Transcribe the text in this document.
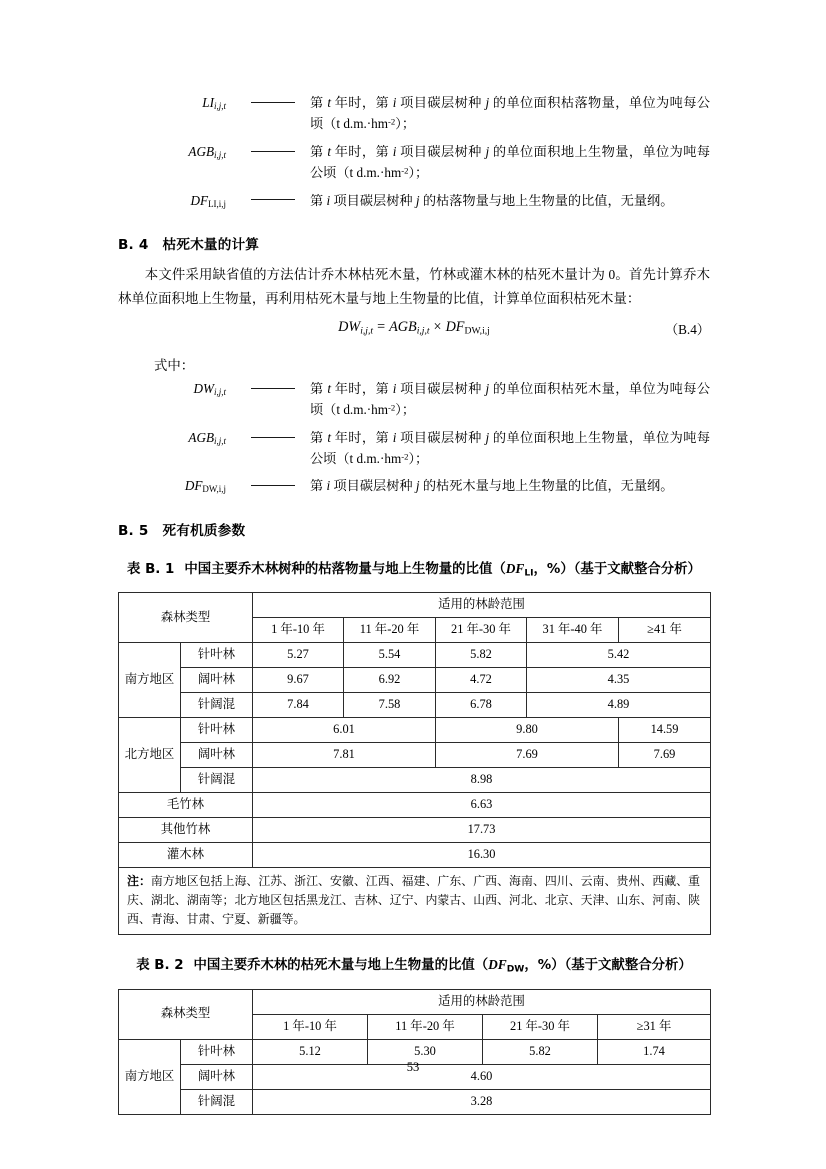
$LI_{i,j,t}$		第 t 年时，第 i 项目碳层树种 j 的单位面积枯落物量，单位为吨每公顷（t $d.m.\cdot hm^{-2}$）；
$AGB_{i,j,t}$		第 t 年时，第 i 项目碳层树种 j 的单位面积地上生物量，单位为吨每公顷（t $d.m.\cdot hm^{-2}$）；
$DF_{LI,i,j}$		第 i 项目碳层树种 j 的枯落物量与地上生物量的比值，无量纲。
B. 4 枯死木量的计算

本文件采用缺省值的方法估计乔木林枯死木量，竹林或灌木林的枯死木量计为 0。首先计算乔木林单位面积地上生物量，再利用枯死木量与地上生物量的比值，计算单位面积枯死木量：

$DW_{i,j,t} = AGB_{i,j,t} \times DF_{DW,i,j}$	（B.4）
式中：
$DW_{i,j,t}$		第 t 年时，第 i 项目碳层树种 j 的单位面积枯死木量，单位为吨每公顷（t $d.m.\cdot hm^{-2}$）；
$AGB_{i,j,t}$		第 t 年时，第 i 项目碳层树种 j 的单位面积地上生物量，单位为吨每公顷（t $d.m.\cdot hm^{-2}$）；
$DF_{DW,i,j}$		第 i 项目碳层树种 j 的枯死木量与地上生物量的比值，无量纲。
B. 5 死有机质参数
表 B. 1 中国主要乔木林树种的枯落物量与地上生物量的比值（$DF_{LI}$，%）（基于文献整合分析）
森林类型		适用的林龄范围				
		1 年-10 年	11 年-20 年	21 年-30 年	31 年-40 年	≥41 年
南方地区	针叶林	5.27	5.54	5.82	5.42	
	阔叶林	9.67	6.92	4.72	4.35	
	针阔混	7.84	7.58	6.78	4.89	
北方地区	针叶林	6.01		9.80		14.59
	阔叶林	7.81		7.69		7.69
	针阔混	8.98				
毛竹林		6.63				
其他竹林		17.73				
灌木林		16.30				
注：南方地区包括上海、江苏、浙江、安徽、江西、福建、广东、广西、海南、四川、云南、贵州、西藏、重庆、湖北、湖南等；北方地区包括黑龙江、吉林、辽宁、内蒙古、山西、河北、北京、天津、山东、河南、陕西、青海、甘肃、宁夏、新疆等。						
表 B. 2 中国主要乔木林的枯死木量与地上生物量的比值（$DF_{DW}$，%）（基于文献整合分析）
森林类型		适用的林龄范围			
		1 年-10 年	11 年-20 年	21 年-30 年	≥31 年
南方地区	针叶林	5.12	5.30	5.82	1.74
	阔叶林	4.60			
	针阔混	3.28			
53
